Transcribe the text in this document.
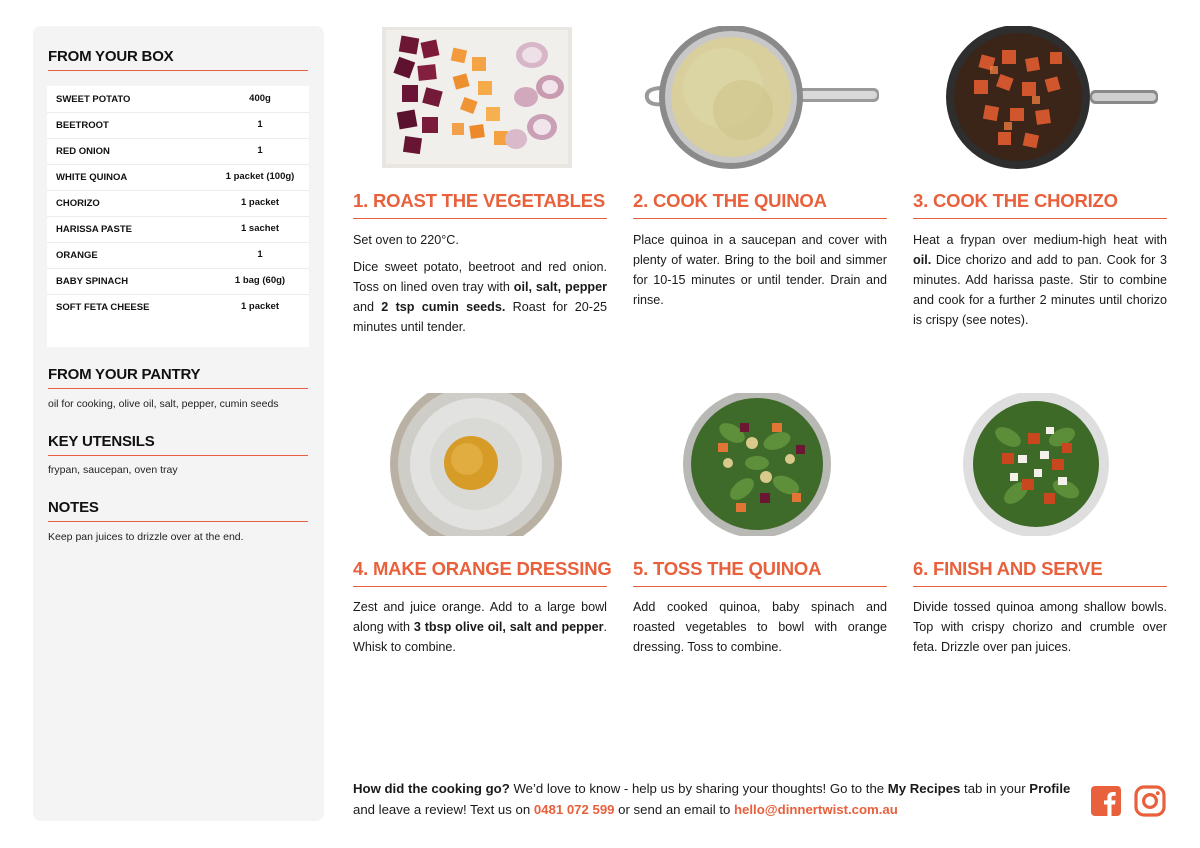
FROM YOUR BOX
SWEET POTATO	400g
BEETROOT	1
RED ONION	1
WHITE QUINOA	1 packet (100g)
CHORIZO	1 packet
HARISSA PASTE	1 sachet
ORANGE	1
BABY SPINACH	1 bag (60g)
SOFT FETA CHEESE	1 packet
FROM YOUR PANTRY
oil for cooking, olive oil, salt, pepper, cumin seeds
KEY UTENSILS
frypan, saucepan, oven tray
NOTES
Keep pan juices to drizzle over at the end.
1. ROAST THE VEGETABLES

Set oven to 220°C.

Dice sweet potato, beetroot and red onion. Toss on lined oven tray with oil, salt, pepper and 2 tsp cumin seeds. Roast for 20-25 minutes until tender.

2. COOK THE QUINOA

Place quinoa in a saucepan and cover with plenty of water. Bring to the boil and simmer for 10-15 minutes or until tender. Drain and rinse.

3. COOK THE CHORIZO

Heat a frypan over medium-high heat with oil. Dice chorizo and add to pan. Cook for 3 minutes. Add harissa paste. Stir to combine and cook for a further 2 minutes until chorizo is crispy (see notes).

4. MAKE ORANGE DRESSING

Zest and juice orange. Add to a large bowl along with 3 tbsp olive oil, salt and pepper. Whisk to combine.

5. TOSS THE QUINOA

Add cooked quinoa, baby spinach and roasted vegetables to bowl with orange dressing. Toss to combine.

6. FINISH AND SERVE

Divide tossed quinoa among shallow bowls. Top with crispy chorizo and crumble over feta. Drizzle over pan juices.

How did the cooking go? We’d love to know - help us by sharing your thoughts! Go to the My Recipes tab in your Profile and leave a review! Text us on 0481 072 599 or send an email to hello@dinnertwist.com.au
